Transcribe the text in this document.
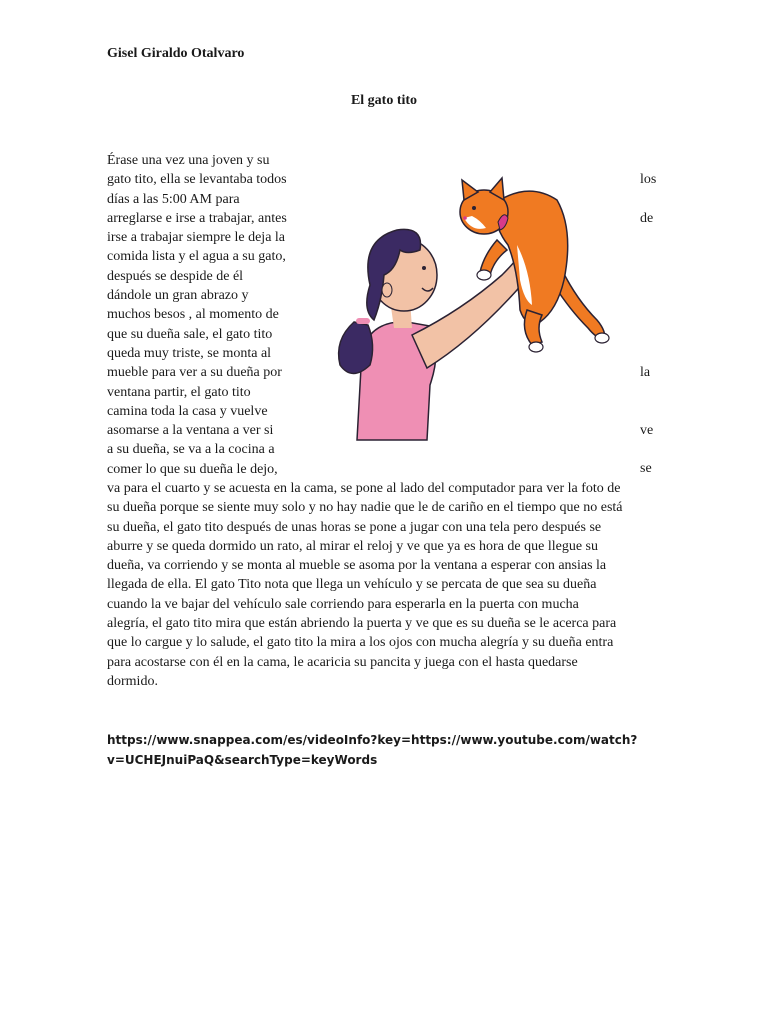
Gisel Giraldo Otalvaro
El gato tito
Érase una vez una joven y su
gato tito, ella se levantaba todos
días a las 5:00 AM para
arreglarse e irse a trabajar, antes
irse a trabajar siempre le deja la
comida lista y el agua a su gato,
después se despide de él
dándole un gran abrazo y
muchos besos , al momento de
que su dueña sale, el gato tito
queda muy triste, se monta al
mueble para ver a su dueña por
ventana partir, el gato tito
camina toda la casa y vuelve
asomarse a la ventana a ver si
a su dueña, se va a la cocina a
comer lo que su dueña le dejo,
los
de
la
ve
se
va para el cuarto y se acuesta en la cama, se pone al lado del computador para ver la foto de
su dueña porque se siente muy solo y no hay nadie que le de cariño en el tiempo que no está
su dueña, el gato tito después de unas horas se pone a jugar con una tela pero después se
aburre y se queda dormido un rato, al mirar el reloj y ve que ya es hora de que llegue su
dueña, va corriendo y se monta al mueble se asoma por la ventana a esperar con ansias la
llegada de ella. El gato Tito nota que llega un vehículo y se percata de que sea su dueña
cuando la ve bajar del vehículo sale corriendo para esperarla en la puerta con mucha
alegría, el gato tito mira que están abriendo la puerta y ve que es su dueña se le acerca para
que lo cargue y lo salude, el gato tito la mira a los ojos con mucha alegría y su dueña entra
para acostarse con él en la cama, le acaricia su pancita y juega con el hasta quedarse
dormido.
https://www.snappea.com/es/videoInfo?key=https://www.youtube.com/watch?
v=UCHEJnuiPaQ&searchType=keyWords
